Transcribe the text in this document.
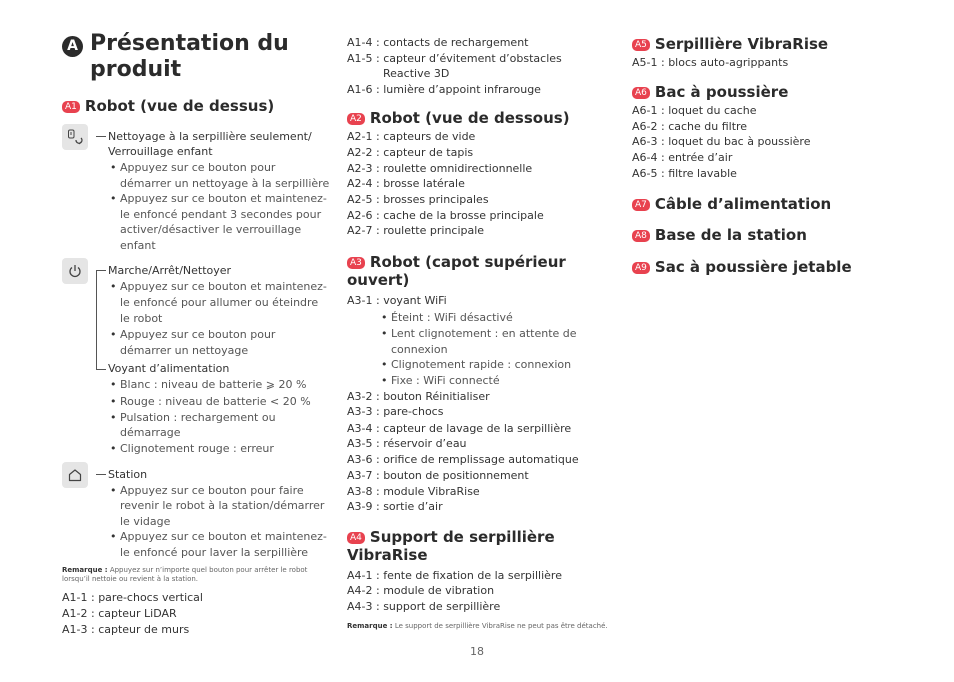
A Présentation du
produit
A1 Robot (vue de dessus)
Nettoyage à la serpillière seulement/
Verrouillage enfant
• Appuyez sur ce bouton pour
démarrer un nettoyage à la serpillière
• Appuyez sur ce bouton et maintenez-
le enfoncé pendant 3 secondes pour
activer/désactiver le verrouillage
enfant
Marche/Arrêt/Nettoyer
• Appuyez sur ce bouton et maintenez-
le enfoncé pour allumer ou éteindre
le robot
• Appuyez sur ce bouton pour
démarrer un nettoyage
Voyant d’alimentation
• Blanc : niveau de batterie ⩾ 20 %
• Rouge : niveau de batterie < 20 %
• Pulsation : rechargement ou
démarrage
• Clignotement rouge : erreur
Station
• Appuyez sur ce bouton pour faire
revenir le robot à la station/démarrer
le vidage
• Appuyez sur ce bouton et maintenez-
le enfoncé pour laver la serpillière
Remarque : Appuyez sur n’importe quel bouton pour arrêter le robot
lorsqu’il nettoie ou revient à la station.
A1-1 : pare-chocs vertical
A1-2 : capteur LiDAR
A1-3 : capteur de murs
A1-4 : contacts de rechargement
A1-5 : capteur d’évitement d’obstacles
Reactive 3D
A1-6 : lumière d’appoint infrarouge
A2 Robot (vue de dessous)
A2-1 : capteurs de vide
A2-2 : capteur de tapis
A2-3 : roulette omnidirectionnelle
A2-4 : brosse latérale
A2-5 : brosses principales
A2-6 : cache de la brosse principale
A2-7 : roulette principale
A3 Robot (capot supérieur
ouvert)
A3-1 : voyant WiFi
• Éteint : WiFi désactivé
• Lent clignotement : en attente de
connexion
• Clignotement rapide : connexion
• Fixe : WiFi connecté
A3-2 : bouton Réinitialiser
A3-3 : pare-chocs
A3-4 : capteur de lavage de la serpillière
A3-5 : réservoir d’eau
A3-6 : orifice de remplissage automatique
A3-7 : bouton de positionnement
A3-8 : module VibraRise
A3-9 : sortie d’air
A4 Support de serpillière
VibraRise
A4-1 : fente de fixation de la serpillière
A4-2 : module de vibration
A4-3 : support de serpillière
Remarque : Le support de serpillière VibraRise ne peut pas être détaché.
A5 Serpillière VibraRise
A5-1 : blocs auto-agrippants
A6 Bac à poussière
A6-1 : loquet du cache
A6-2 : cache du filtre
A6-3 : loquet du bac à poussière
A6-4 : entrée d’air
A6-5 : filtre lavable
A7 Câble d’alimentation
A8 Base de la station
A9 Sac à poussière jetable
18
